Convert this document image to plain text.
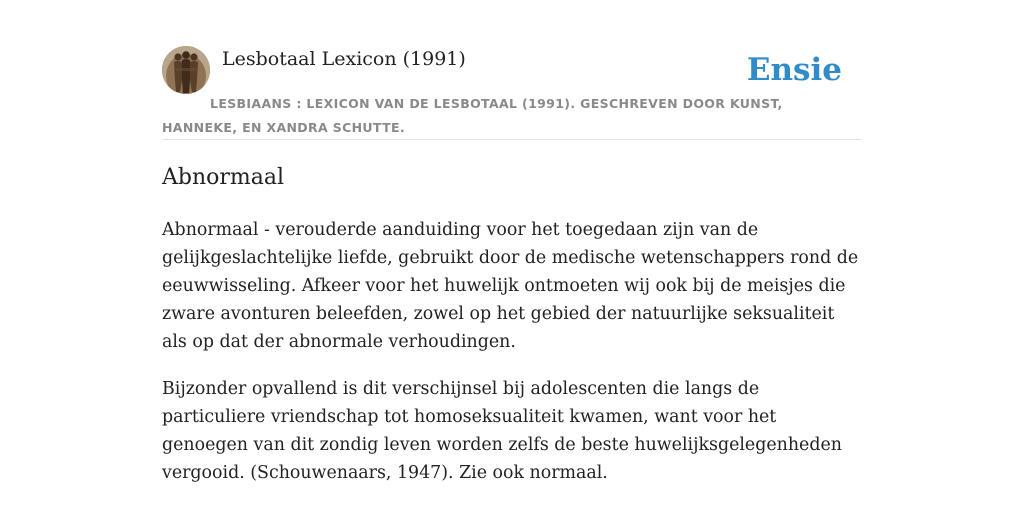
Lesbotaal Lexicon (1991)	Ensie
LESBIAANS : LEXICON VAN DE LESBOTAAL (1991). GESCHREVEN DOOR KUNST, HANNEKE, EN XANDRA SCHUTTE.
Abnormaal

Abnormaal - verouderde aanduiding voor het toegedaan zijn van de gelijkgeslachtelijke liefde, gebruikt door de medische wetenschappers rond de eeuwwisseling. Afkeer voor het huwelijk ontmoeten wij ook bij de meisjes die zware avonturen beleefden, zowel op het gebied der natuurlijke seksualiteit als op dat der abnormale verhoudingen.

Bijzonder opvallend is dit verschijnsel bij adolescenten die langs de particuliere vriendschap tot homoseksualiteit kwamen, want voor het genoegen van dit zondig leven worden zelfs de beste huwelijksgelegenheden vergooid. (Schouwenaars, 1947). Zie ook normaal.
